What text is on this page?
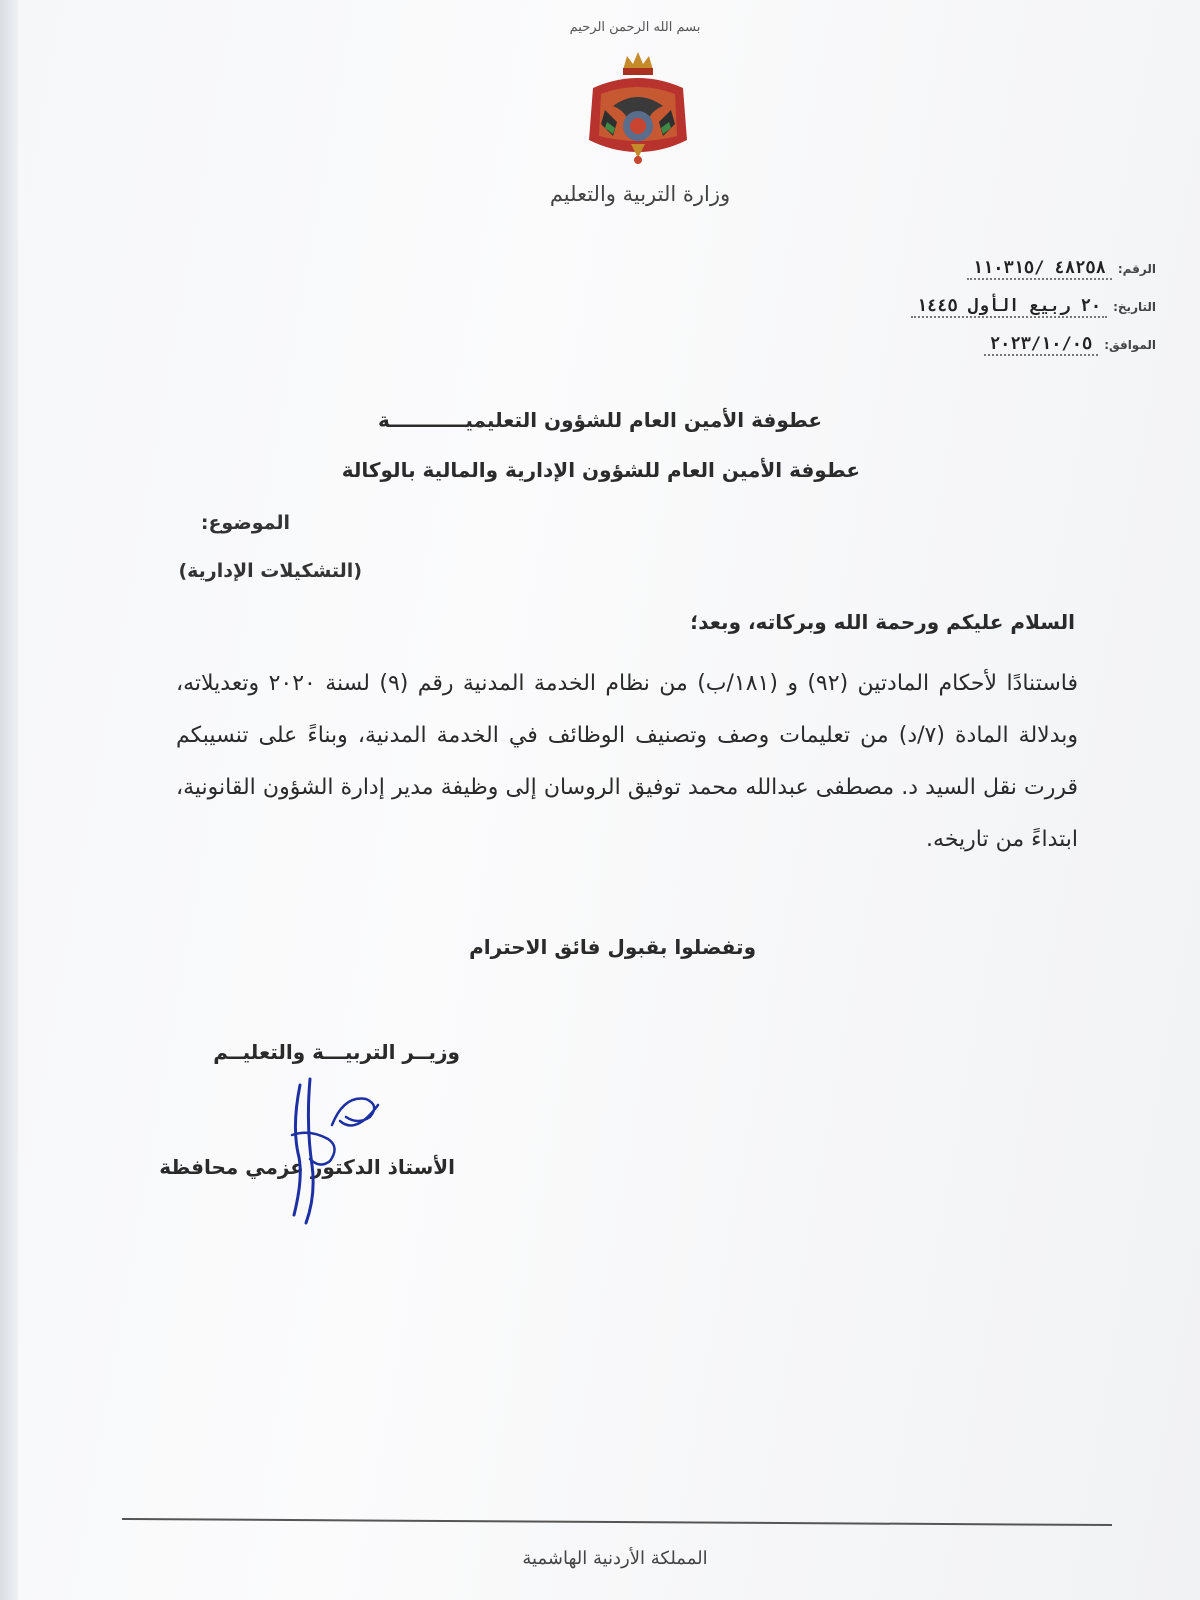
بسم الله الرحمن الرحيم
وزارة التربية والتعليم
الرقم:
٤٨٢٥٨ /١١٠٣١٥
التاريخ:
٢٠ ربيع الأول ١٤٤٥
الموافق:
٢٠٢٣/١٠/٠٥
عطوفة الأمين العام للشؤون التعليميـــــــــــة
عطوفة الأمين العام للشؤون الإدارية والمالية بالوكالة
الموضوع:
(التشكيلات الإدارية)
السلام عليكم ورحمة الله وبركاته، وبعد؛
فاستنادًا لأحكام المادتين (٩٢) و (١٨١/ب) من نظام الخدمة المدنية رقم (٩) لسنة ٢٠٢٠ وتعديلاته، وبدلالة المادة (٧/د) من تعليمات وصف وتصنيف الوظائف في الخدمة المدنية، وبناءً على تنسيبكم قررت نقل السيد د. مصطفى عبدالله محمد توفيق الروسان إلى وظيفة مدير إدارة الشؤون القانونية، ابتداءً من تاريخه.
وتفضلوا بقبول فائق الاحترام
وزيــر التربيـــة والتعليــم
الأستاذ الدكتور عزمي محافظة
المملكة الأردنية الهاشمية
